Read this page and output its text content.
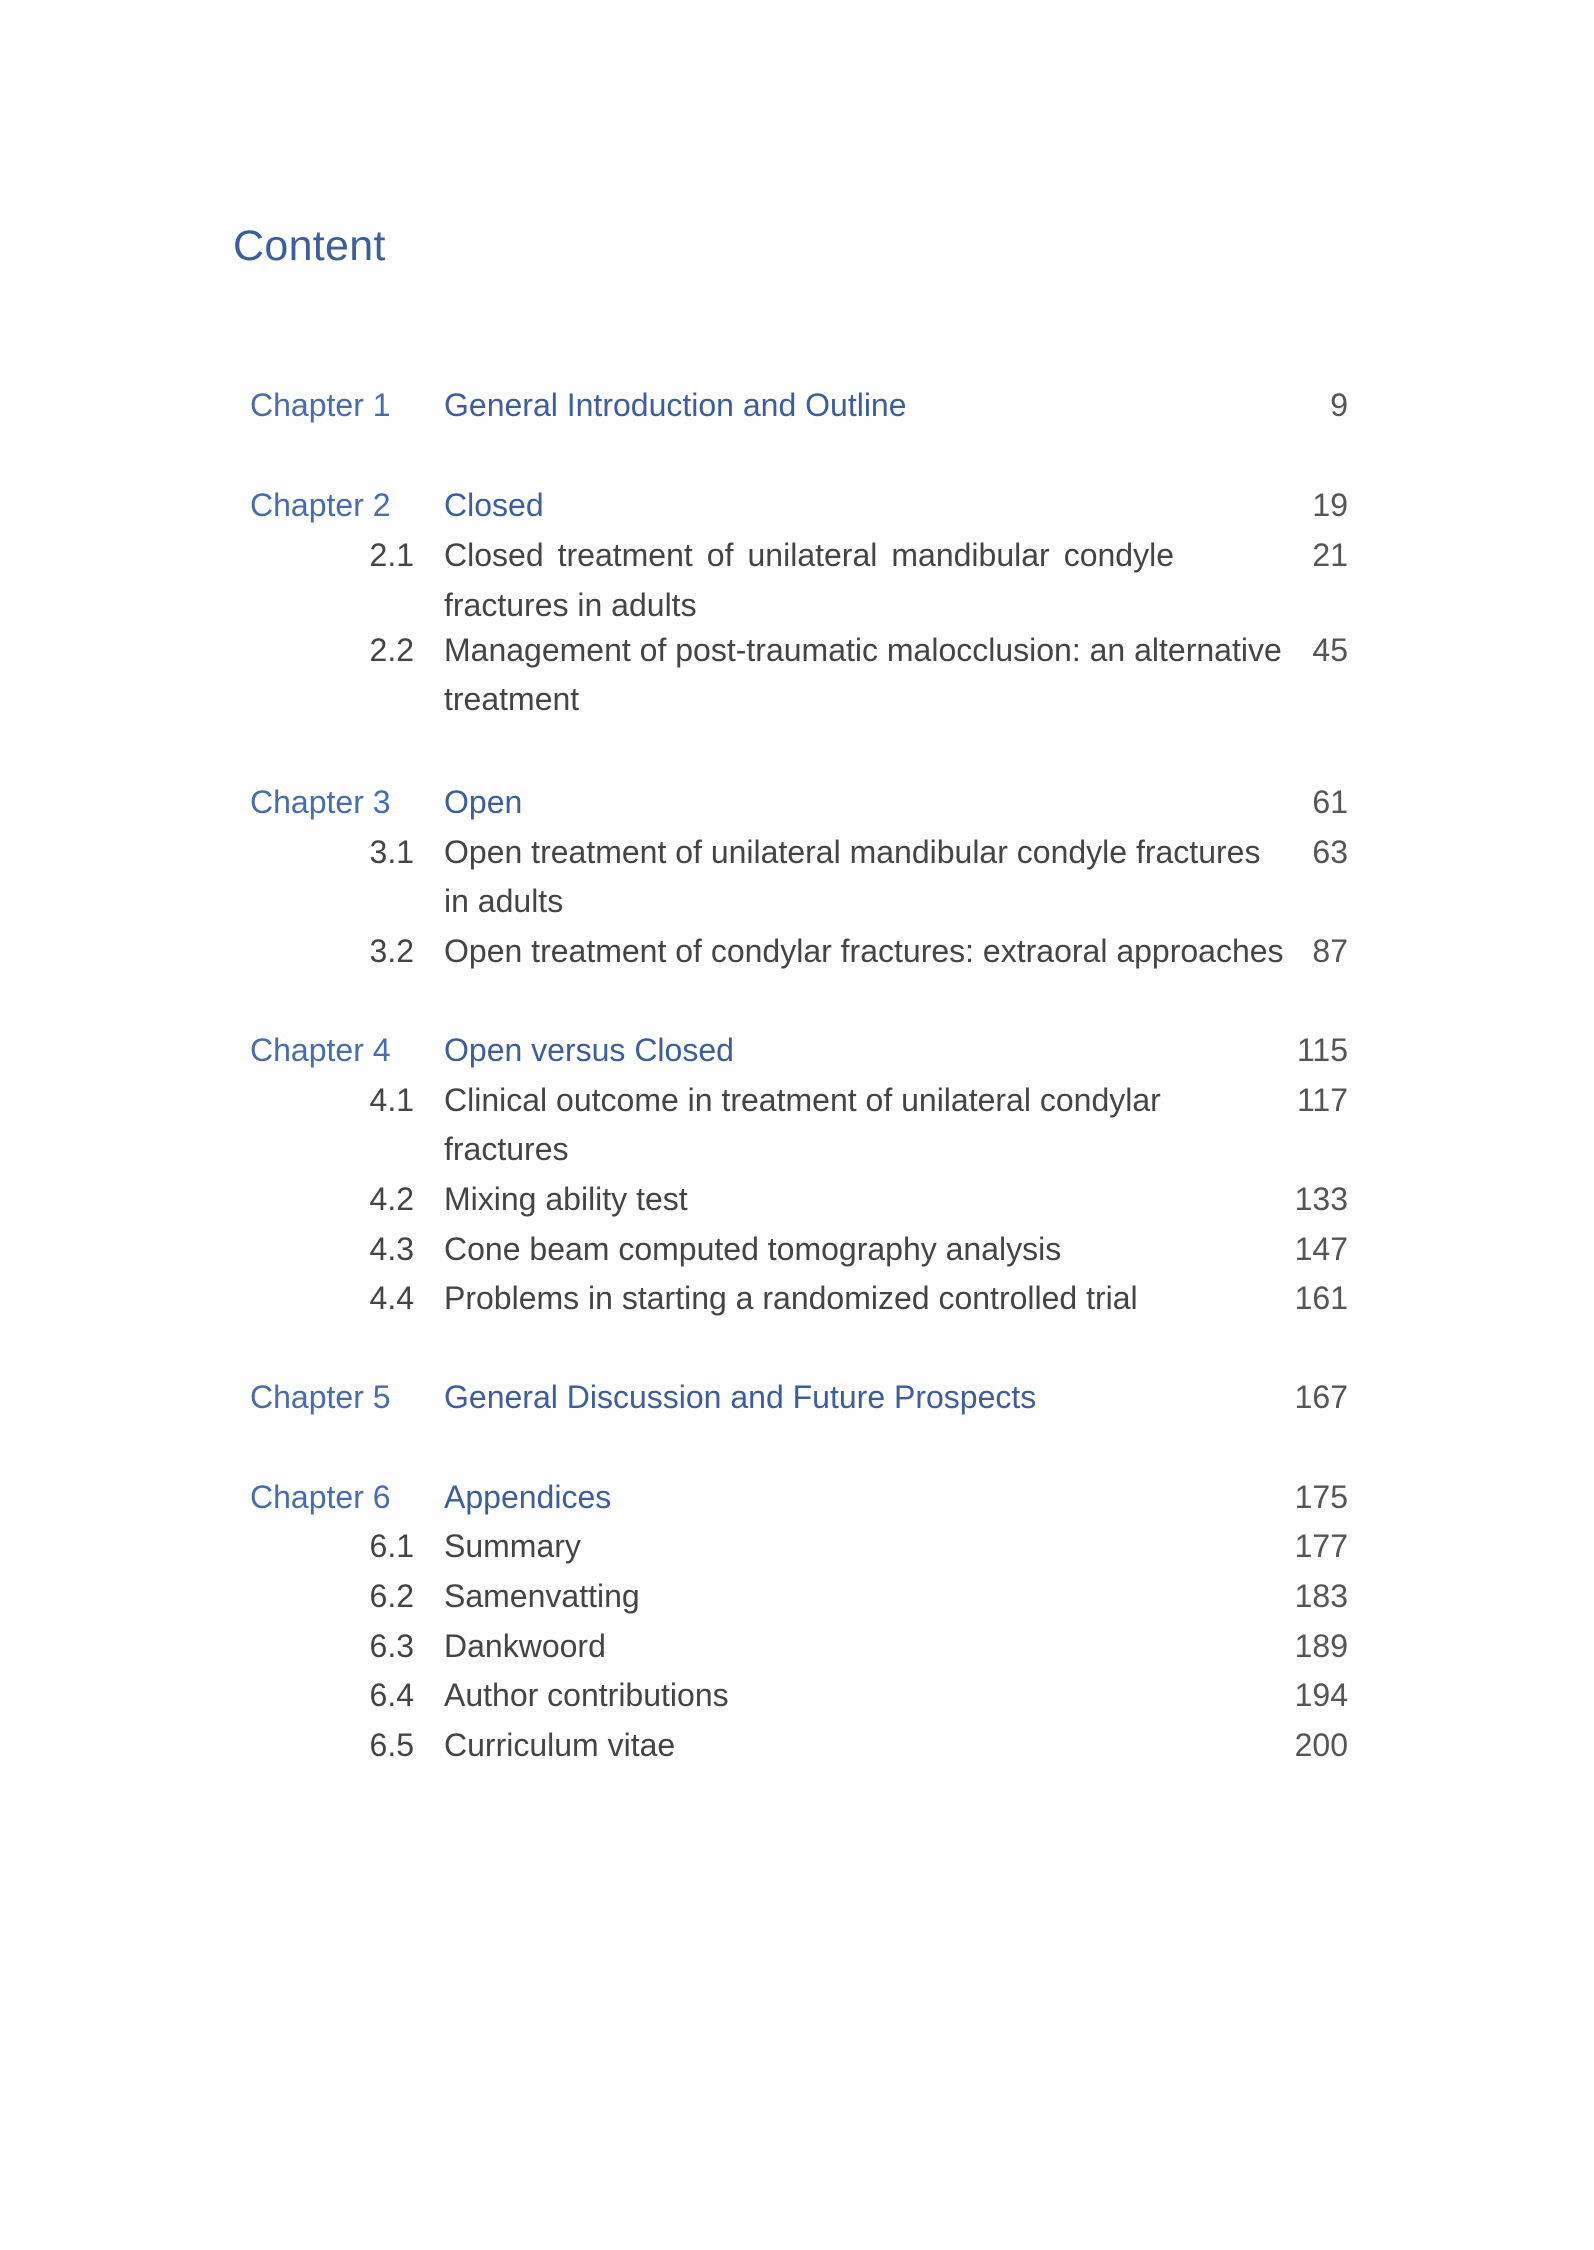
Content
Chapter 1 General Introduction and Outline	9
Chapter 2 Closed	19
2.1 Closed treatment of unilateral mandibular condyle	21
fractures in adults
2.2 Management of post-traumatic malocclusion: an alternative 45
treatment
Chapter 3 Open	61
3.1 Open treatment of unilateral mandibular condyle fractures	63
in adults
3.2 Open treatment of condylar fractures: extraoral approaches 87
Chapter 4 Open versus Closed	115
4.1 Clinical outcome in treatment of unilateral condylar	117
fractures
4.2 Mixing ability test	133
4.3 Cone beam computed tomography analysis	147
4.4 Problems in starting a randomized controlled trial	161
Chapter 5 General Discussion and Future Prospects	167
Chapter 6 Appendices	175
6.1 Summary	177
6.2 Samenvatting	183
6.3 Dankwoord	189
6.4 Author contributions	194
6.5 Curriculum vitae	200
